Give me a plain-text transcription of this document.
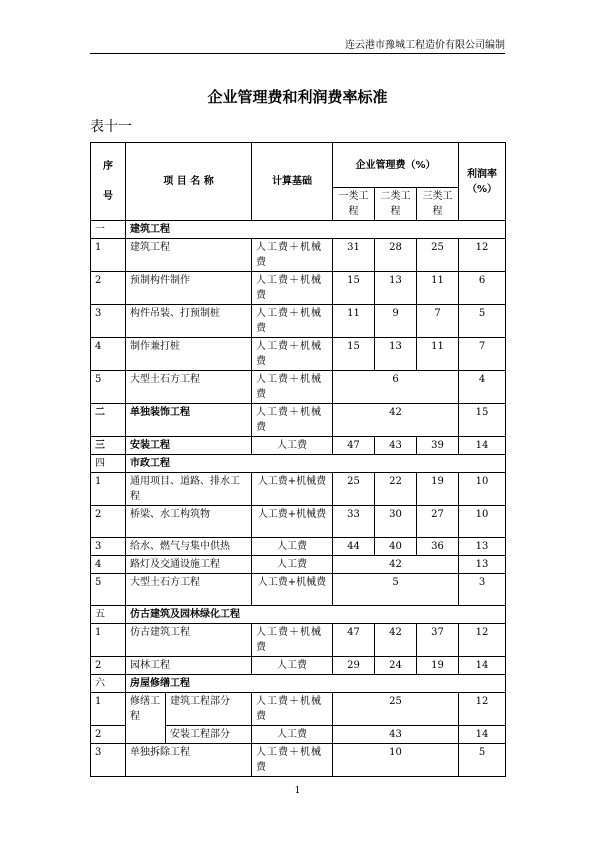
连云港市豫城工程造价有限公司编制
企业管理费和利润费率标准
表十一
序
号	项 目 名 称		计算基础	企业管理费（%）			利润率（%）
				一类工程	二类工程	三类工程	
一	建筑工程						
1	建筑工程		人工费＋机械费	31	28	25	12
2	预制构件制作		人工费＋机械费	15	13	11	6
3	构件吊装、打预制桩		人工费＋机械费	11	9	7	5
4	制作兼打桩		人工费＋机械费	15	13	11	7
5	大型土石方工程		人工费＋机械费	6			4
二	单独装饰工程		人工费＋机械费	42			15
三	安装工程		人工费	47	43	39	14
四	市政工程						
1	通用项目、道路、排水工程		人工费+机械费	25	22	19	10
2	桥梁、水工构筑物		人工费+机械费	33	30	27	10
3	给水、燃气与集中供热		人工费	44	40	36	13
4	路灯及交通设施工程		人工费	42			13
5	大型土石方工程		人工费+机械费	5			3
五	仿古建筑及园林绿化工程						
1	仿古建筑工程		人工费＋机械费	47	42	37	12
2	园林工程		人工费	29	24	19	14
六	房屋修缮工程						
1	修缮工程	建筑工程部分	人工费＋机械费	25			12
2		安装工程部分	人工费	43			14
3	单独拆除工程		人工费＋机械费	10			5
1
